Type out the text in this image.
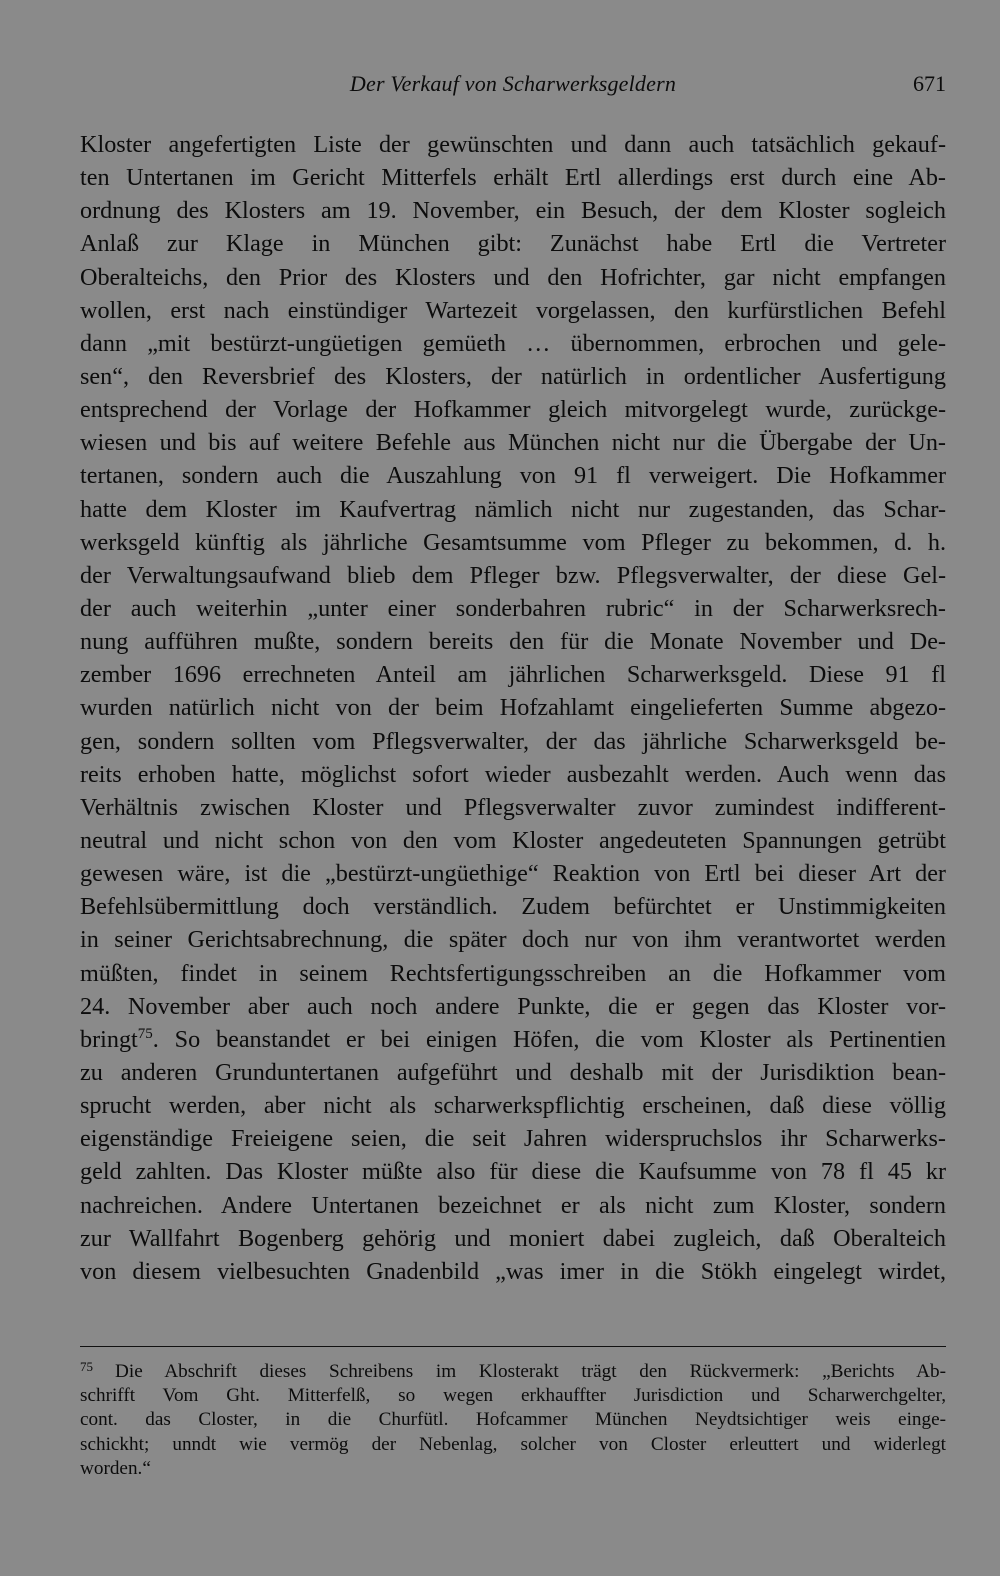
Der Verkauf von Scharwerksgeldern	671
Kloster angefertigten Liste der gewünschten und dann auch tatsächlich gekauf-
ten Untertanen im Gericht Mitterfels erhält Ertl allerdings erst durch eine Ab-
ordnung des Klosters am 19. November, ein Besuch, der dem Kloster sogleich
Anlaß zur Klage in München gibt: Zunächst habe Ertl die Vertreter
Oberalteichs, den Prior des Klosters und den Hofrichter, gar nicht empfangen
wollen, erst nach einstündiger Wartezeit vorgelassen, den kurfürstlichen Befehl
dann „mit bestürzt-ungüetigen gemüeth … übernommen, erbrochen und gele-
sen“, den Reversbrief des Klosters, der natürlich in ordentlicher Ausfertigung
entsprechend der Vorlage der Hofkammer gleich mitvorgelegt wurde, zurückge-
wiesen und bis auf weitere Befehle aus München nicht nur die Übergabe der Un-
tertanen, sondern auch die Auszahlung von 91 fl verweigert. Die Hofkammer
hatte dem Kloster im Kaufvertrag nämlich nicht nur zugestanden, das Schar-
werksgeld künftig als jährliche Gesamtsumme vom Pfleger zu bekommen, d. h.
der Verwaltungsaufwand blieb dem Pfleger bzw. Pflegsverwalter, der diese Gel-
der auch weiterhin „unter einer sonderbahren rubric“ in der Scharwerksrech-
nung aufführen mußte, sondern bereits den für die Monate November und De-
zember 1696 errechneten Anteil am jährlichen Scharwerksgeld. Diese 91 fl
wurden natürlich nicht von der beim Hofzahlamt eingelieferten Summe abgezo-
gen, sondern sollten vom Pflegsverwalter, der das jährliche Scharwerksgeld be-
reits erhoben hatte, möglichst sofort wieder ausbezahlt werden. Auch wenn das
Verhältnis zwischen Kloster und Pflegsverwalter zuvor zumindest indifferent-
neutral und nicht schon von den vom Kloster angedeuteten Spannungen getrübt
gewesen wäre, ist die „bestürzt-ungüethige“ Reaktion von Ertl bei dieser Art der
Befehlsübermittlung doch verständlich. Zudem befürchtet er Unstimmigkeiten
in seiner Gerichtsabrechnung, die später doch nur von ihm verantwortet werden
müßten, findet in seinem Rechtsfertigungsschreiben an die Hofkammer vom
24. November aber auch noch andere Punkte, die er gegen das Kloster vor-
bringt$^{75}$. So beanstandet er bei einigen Höfen, die vom Kloster als Pertinentien
zu anderen Grunduntertanen aufgeführt und deshalb mit der Jurisdiktion bean-
sprucht werden, aber nicht als scharwerkspflichtig erscheinen, daß diese völlig
eigenständige Freieigene seien, die seit Jahren widerspruchslos ihr Scharwerks-
geld zahlten. Das Kloster müßte also für diese die Kaufsumme von 78 fl 45 kr
nachreichen. Andere Untertanen bezeichnet er als nicht zum Kloster, sondern
zur Wallfahrt Bogenberg gehörig und moniert dabei zugleich, daß Oberalteich
von diesem vielbesuchten Gnadenbild „was imer in die Stökh eingelegt wirdet,
$^{75}$ Die Abschrift dieses Schreibens im Klosterakt trägt den Rückvermerk: „Berichts Ab-
schrifft Vom Ght. Mitterfelß, so wegen erkhauffter Jurisdiction und Scharwerchgelter,
cont. das Closter, in die Churfütl. Hofcammer München Neydtsichtiger weis einge-
schickht; unndt wie vermög der Nebenlag, solcher von Closter erleuttert und widerlegt
worden.“
